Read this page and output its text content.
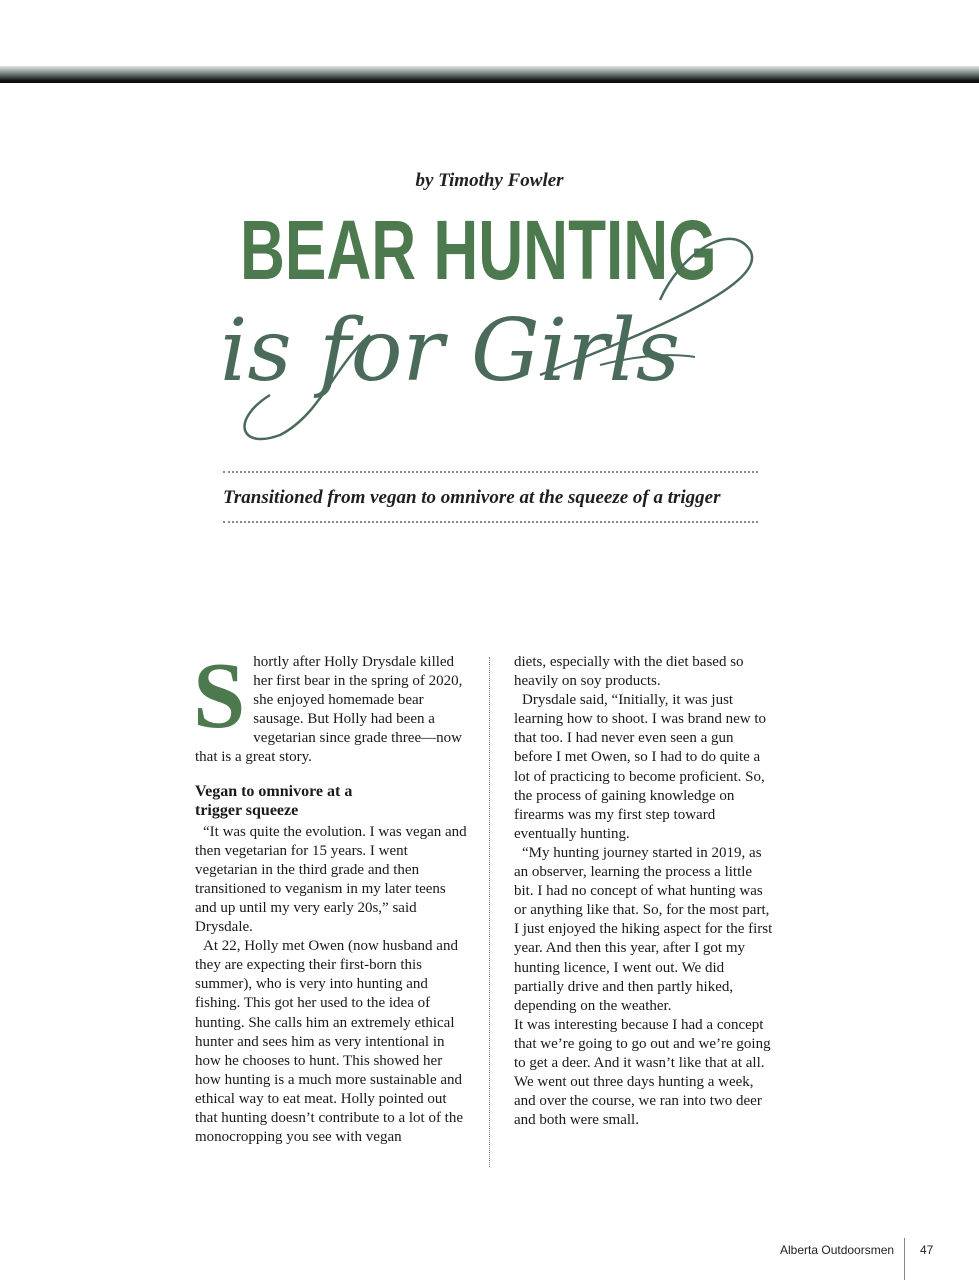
by Timothy Fowler
BEAR HUNTING
is for Girls
Transitioned from vegan to omnivore at the squeeze of a trigger

Shortly after Holly Drysdale killed her first bear in the spring of 2020, she enjoyed homemade bear sausage. But Holly had been a vegetarian since grade three—now that is a great story.

Vegan to omnivore at a trigger squeeze

“It was quite the evolution. I was vegan and then vegetarian for 15 years. I went vegetarian in the third grade and then transitioned to veganism in my later teens and up until my very early 20s,” said Drysdale.

At 22, Holly met Owen (now husband and they are expecting their first-born this summer), who is very into hunting and fishing. This got her used to the idea of hunting. She calls him an extremely ethical hunter and sees him as very intentional in how he chooses to hunt. This showed her how hunting is a much more sustainable and ethical way to eat meat. Holly pointed out that hunting doesn’t contribute to a lot of the monocropping you see with vegan

diets, especially with the diet based so heavily on soy products.

Drysdale said, “Initially, it was just learning how to shoot. I was brand new to that too. I had never even seen a gun before I met Owen, so I had to do quite a lot of practicing to become proficient. So, the process of gaining knowledge on firearms was my first step toward eventually hunting.

“My hunting journey started in 2019, as an observer, learning the process a little bit. I had no concept of what hunting was or anything like that. So, for the most part, I just enjoyed the hiking aspect for the first year. And then this year, after I got my hunting licence, I went out. We did partially drive and then partly hiked, depending on the weather.

It was interesting because I had a concept that we’re going to go out and we’re going to get a deer. And it wasn’t like that at all. We went out three days hunting a week, and over the course, we ran into two deer and both were small.

Alberta Outdoorsmen 47
